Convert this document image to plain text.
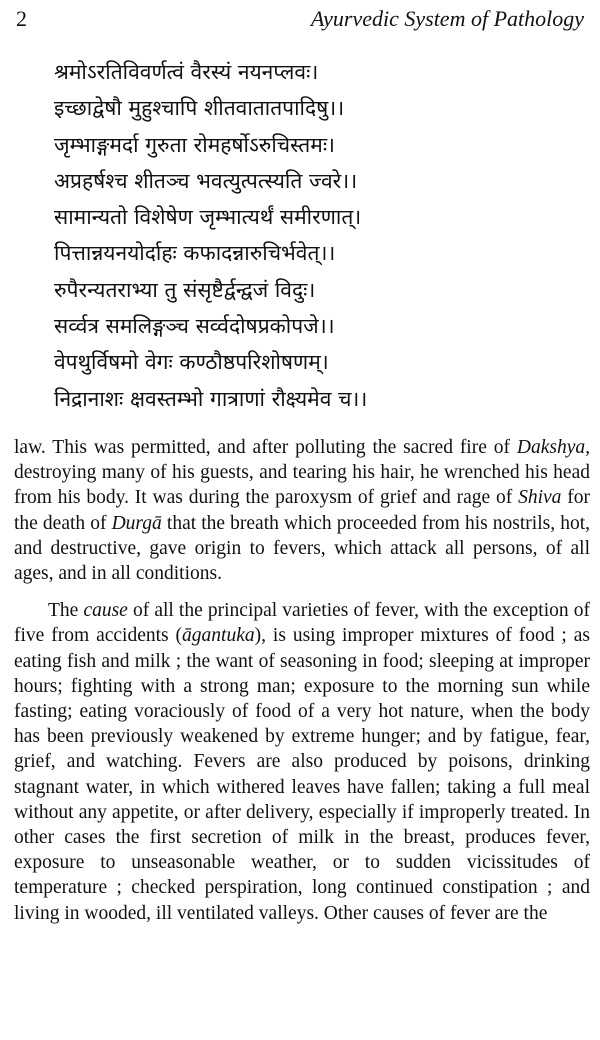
2	Ayurvedic System of Pathology
श्रमोऽरतिविवर्णत्वं वैरस्यं नयनप्लवः।
इच्छाद्वेषौ मुहुश्चापि शीतवातातपादिषु।।
जृम्भाङ्गमर्दा गुरुता रोमहर्षोऽरुचिस्तमः।
अप्रहर्षश्च शीतञ्च भवत्युत्पत्स्यति ज्वरे।।
सामान्यतो विशेषेण जृम्भात्यर्थं समीरणात्।
पित्तान्नयनयोर्दाहः कफादन्नारुचिर्भवेत्।।
रुपैरन्यतराभ्या तु संसृष्टैर्द्वन्द्वजं विदुः।
सर्व्वत्र समलिङ्गञ्च सर्व्वदोषप्रकोपजे।।
वेपथुर्विषमो वेगः कण्ठौष्ठपरिशोषणम्।
निद्रानाशः क्षवस्तम्भो गात्राणां रौक्ष्यमेव च।।

law. This was permitted, and after polluting the sacred fire of Dakshya, destroying many of his guests, and tearing his hair, he wrenched his head from his body. It was during the paroxysm of grief and rage of Shiva for the death of Durgā that the breath which proceeded from his nostrils, hot, and destructive, gave origin to fevers, which attack all persons, of all ages, and in all conditions.

The cause of all the principal varieties of fever, with the exception of five from accidents (āgantuka), is using improper mixtures of food ; as eating fish and milk ; the want of seasoning in food; sleeping at improper hours; fighting with a strong man; exposure to the morning sun while fasting; eating voraciously of food of a very hot nature, when the body has been previously weakened by extreme hunger; and by fatigue, fear, grief, and watching. Fevers are also produced by poisons, drinking stagnant water, in which withered leaves have fallen; taking a full meal without any appetite, or after delivery, especially if improperly treated. In other cases the first secretion of milk in the breast, produces fever, exposure to unseasonable weather, or to sudden vicissitudes of temperature ; checked perspiration, long continued constipation ; and living in wooded, ill ventilated valleys. Other causes of fever are the
